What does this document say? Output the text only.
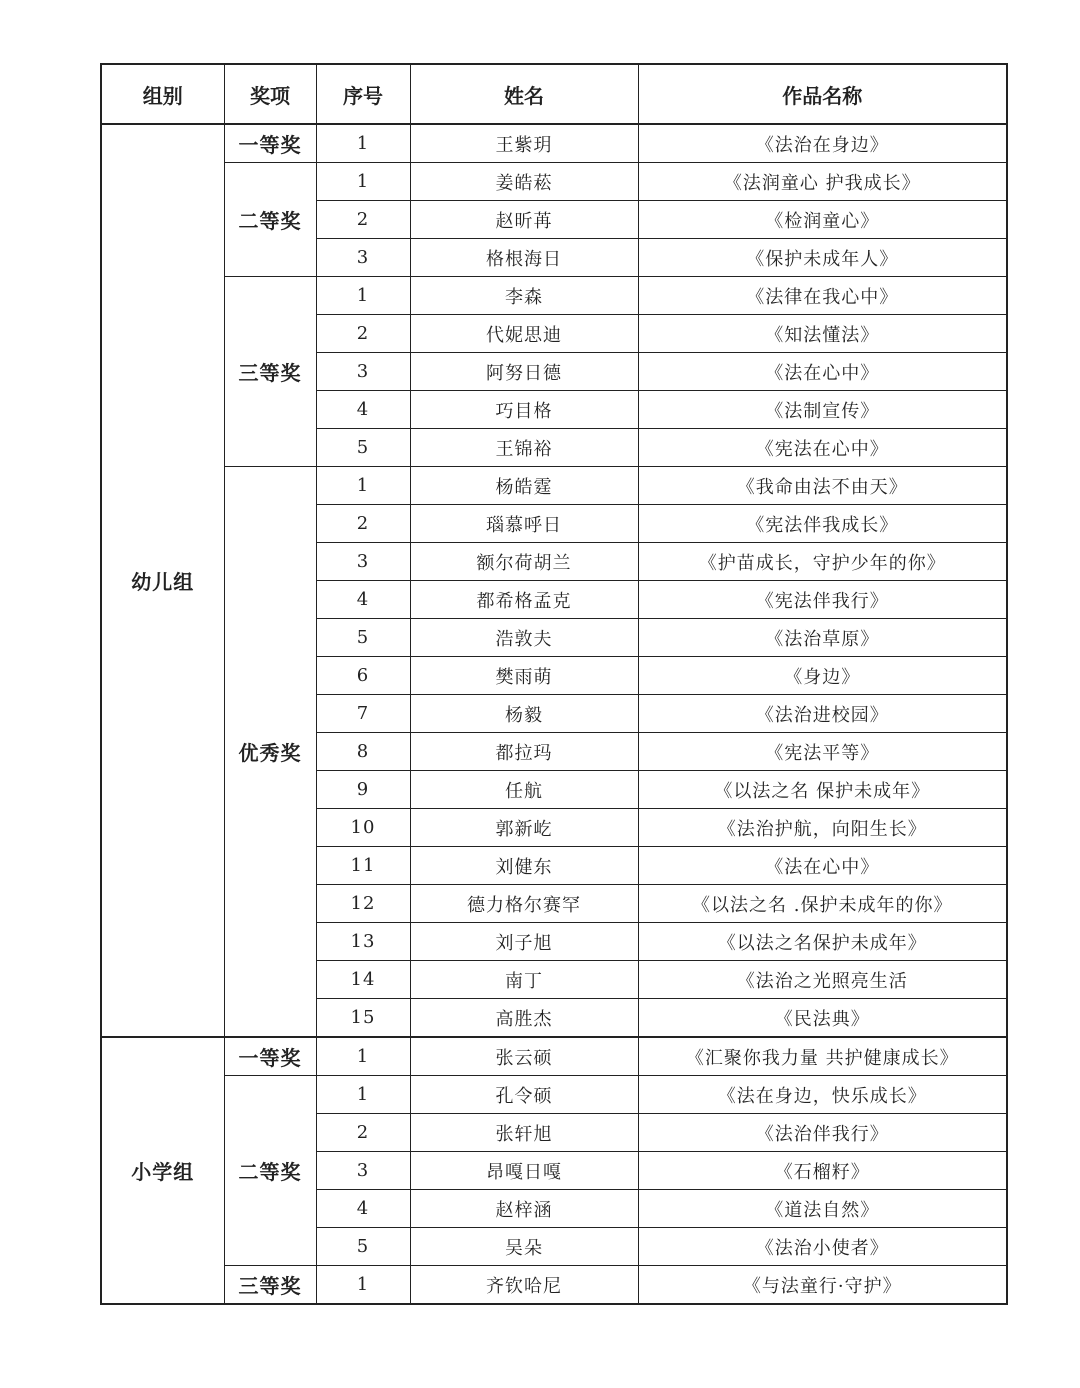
组别	奖项	序号	姓名	作品名称
幼儿组	一等奖	1	王紫玥	《法治在身边》
	二等奖	1	姜皓菘	《法润童心 护我成长》
		2	赵昕苒	《检润童心》
		3	格根海日	《保护未成年人》
	三等奖	1	李森	《法律在我心中》
		2	代妮思迪	《知法懂法》
		3	阿努日德	《法在心中》
		4	巧目格	《法制宣传》
		5	王锦裕	《宪法在心中》
	优秀奖	1	杨皓霆	《我命由法不由天》
		2	瑙慕呼日	《宪法伴我成长》
		3	额尔荷胡兰	《护苗成长，守护少年的你》
		4	都希格孟克	《宪法伴我行》
		5	浩敦夫	《法治草原》
		6	樊雨萌	《身边》
		7	杨毅	《法治进校园》
		8	都拉玛	《宪法平等》
		9	任航	《以法之名 保护未成年》
		10	郭新屹	《法治护航，向阳生长》
		11	刘健东	《法在心中》
		12	德力格尔赛罕	《以法之名 .保护未成年的你》
		13	刘子旭	《以法之名保护未成年》
		14	南丁	《法治之光照亮生活
		15	高胜杰	《民法典》
小学组	一等奖	1	张云硕	《汇聚你我力量 共护健康成长》
	二等奖	1	孔令硕	《法在身边，快乐成长》
		2	张轩旭	《法治伴我行》
		3	昂嘎日嘎	《石榴籽》
		4	赵梓涵	《道法自然》
		5	吴朵	《法治小使者》
	三等奖	1	齐钦哈尼	《与法童行·守护》
